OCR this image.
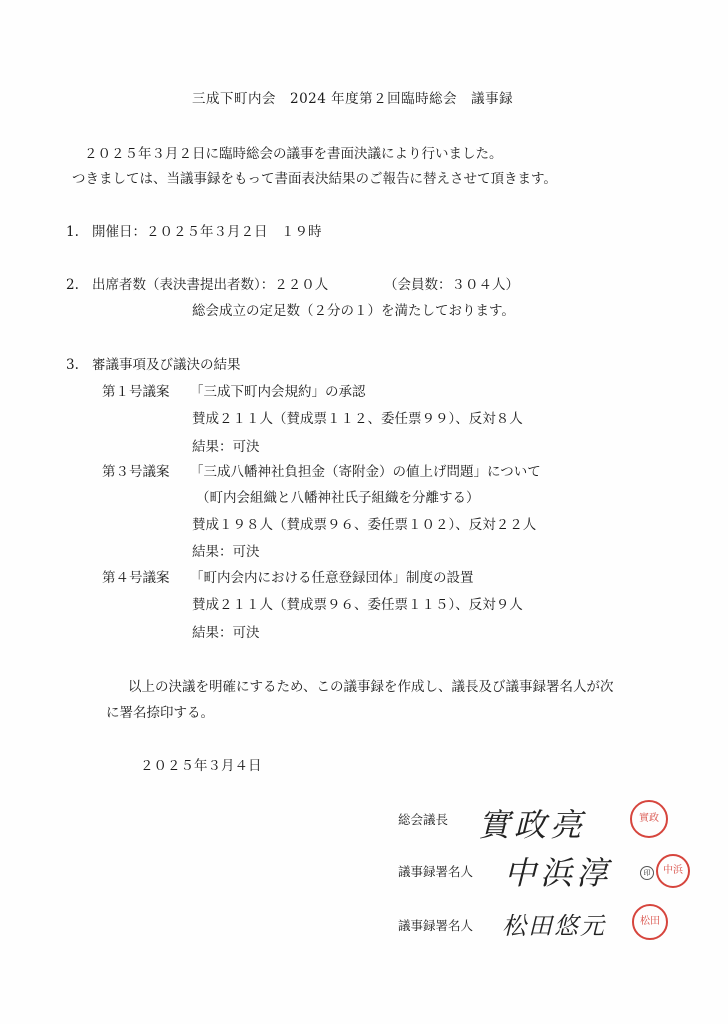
三成下町内会　2024 年度第２回臨時総会　議事録
２０２５年３月２日に臨時総会の議事を書面決議により行いました。
つきましては、当議事録をもって書面表決結果のご報告に替えさせて頂きます。
1. 開催日：２０２５年３月２日　１９時
2. 出席者数（表決書提出者数）：２２０人	（会員数：３０４人）
総会成立の定足数（２分の１）を満たしております。
3. 審議事項及び議決の結果
第１号議案 「三成下町内会規約」の承認
賛成２１１人（賛成票１１２、委任票９９）、反対８人
結果：可決
第３号議案 「三成八幡神社負担金（寄附金）の値上げ問題」について
（町内会組織と八幡神社氏子組織を分離する）
賛成１９８人（賛成票９６、委任票１０２）、反対２２人
結果：可決
第４号議案 「町内会内における任意登録団体」制度の設置
賛成２１１人（賛成票９６、委任票１１５）、反対９人
結果：可決
以上の決議を明確にするため、この議事録を作成し、議長及び議事録署名人が次
に署名捺印する。
２０２５年３月４日
総会議長 實政亮	實政
議事録署名人 中浜淳	印	中浜
議事録署名人 松田悠元	松田
